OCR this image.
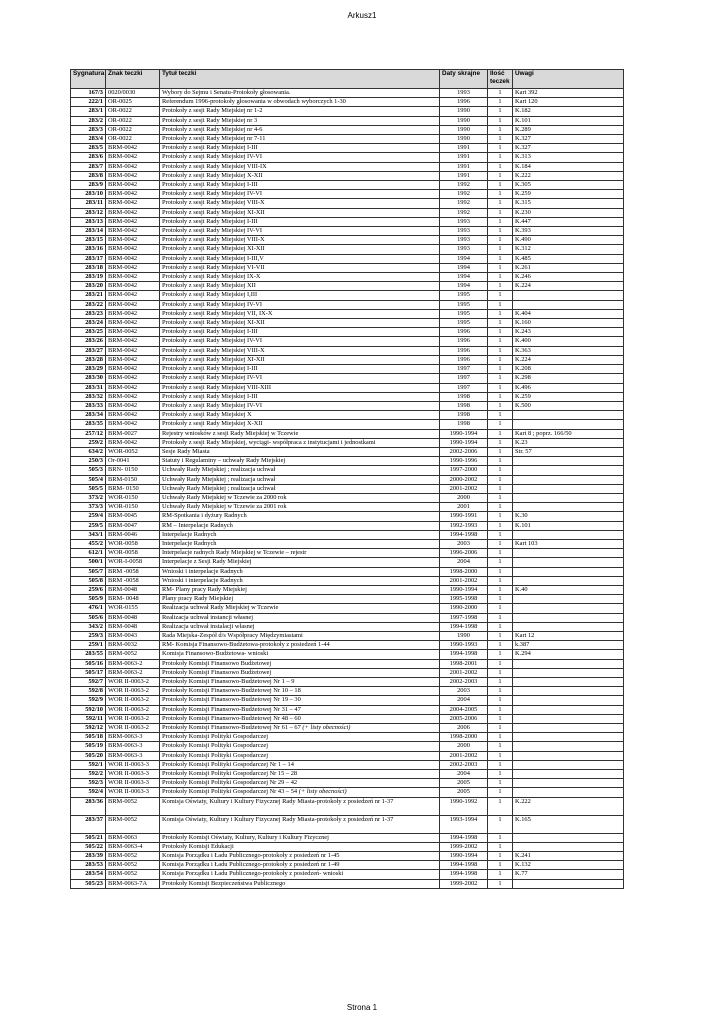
Arkusz1
Sygnatura	Znak teczki	Tytuł teczki	Daty skrajne	Ilość teczek	Uwagi
167/3	0020/0030	Wybory do Sejmu i Senatu-Protokoły głosowania.	1993	1	Kart 392
222/1	OR-0025	Referendum 1996-protokoły głosowania w obwodach wyborczych 1-30	1996	1	Kart 120
283/1	OR-0022	Protokoły z sesji Rady Miejskiej nr 1-2	1990	1	K.182
283/2	OR-0022	Protokoły z sesji Rady Miejskiej nr 3	1990	1	K.101
283/3	OR-0022	Protokoły z sesji Rady Miejskiej nr 4-6	1990	1	K.289
283/4	OR-0022	Protokoły z sesji Rady Miejskiej nr 7-11	1990	1	K.327
283/5	BRM-0042	Protokoły z sesji Rady Miejskiej I-III	1991	1	K.327
283/6	BRM-0042	Protokoły z sesji Rady Miejskiej IV-VI	1991	1	K.313
283/7	BRM-0042	Protokoły z sesji Rady Miejskiej VIII-IX	1991	1	K.184
283/8	BRM-0042	Protokoły z sesji Rady Miejskiej X-XII	1991	1	K.222
283/9	BRM-0042	Protokoły z sesji Rady Miejskiej I-III	1992	1	K.305
283/10	BRM-0042	Protokoły z sesji Rady Miejskiej IV-VI	1992	1	K.259
283/11	BRM-0042	Protokoły z sesji Rady Miejskiej VIII-X	1992	1	K.315
283/12	BRM-0042	Protokoły z sesji Rady Miejskiej XI-XII	1992	1	K.230
283/13	BRM-0042	Protokoły z sesji Rady Miejskiej I-III	1993	1	K.447
283/14	BRM-0042	Protokoły z sesji Rady Miejskiej IV-VI	1993	1	K.393
283/15	BRM-0042	Protokoły z sesji Rady Miejskiej VIII-X	1993	1	K.490
283/16	BRM-0042	Protokoły z sesji Rady Miejskiej XI-XII	1993	1	K.312
283/17	BRM-0042	Protokoły z sesji Rady Miejskiej I-III,V	1994	1	K.485
283/18	BRM-0042	Protokoły z sesji Rady Miejskiej VI-VII	1994	1	K.261
283/19	BRM-0042	Protokoły z sesji Rady Miejskiej IX-X	1994	1	K.246
283/20	BRM-0042	Protokoły z sesji Rady Miejskiej XII	1994	1	K.224
283/21	BRM-0042	Protokoły z sesji Rady Miejskiej I,III	1995	1	
283/22	BRM-0042	Protokoły z sesji Rady Miejskiej IV-VI	1995	1	
283/23	BRM-0042	Protokoły z sesji Rady Miejskiej VII, IX-X	1995	1	K.404
283/24	BRM-0042	Protokoły z sesji Rady Miejskiej XI-XII	1995	1	K.160
283/25	BRM-0042	Protokoły z sesji Rady Miejskiej I-III	1996	1	K.243
283/26	BRM-0042	Protokoły z sesji Rady Miejskiej IV-VI	1996	1	K.400
283/27	BRM-0042	Protokoły z sesji Rady Miejskiej VIII-X	1996	1	K.363
283/28	BRM-0042	Protokoły z sesji Rady Miejskiej XI-XII	1996	1	K.224
283/29	BRM-0042	Protokoły z sesji Rady Miejskiej I-III	1997	1	K.208
283/30	BRM-0042	Protokoły z sesji Rady Miejskiej IV-VI	1997	1	K.298
283/31	BRM-0042	Protokoły z sesji Rady Miejskiej VIII-XIII	1997	1	K.496
283/32	BRM-0042	Protokoły z sesji Rady Miejskiej I-III	1998	1	K.259
283/33	BRM-0042	Protokoły z sesji Rady Miejskiej IV-VI	1998	1	K.500
283/34	BRM-0042	Protokoły z sesji Rady Miejskiej X	1998	1	
283/35	BRM-0042	Protokoły z sesji Rady Miejskiej X-XII	1998	1	
257/12	BRM-0027	Rejestry wniosków z sesji Rady Miejskiej w Tczewie	1990-1994	1	Kart 8 ; poprz. 166/50
259/2	BRM-0042	Protokoły z sesji Rady Miejskiej, wyciągi- współpraca z instytucjami i jednostkami	1990-1994	1	K.23
634/2	WOR-0052	Sesje Rady Miasta	2002-2006	1	Str. 57
250/3	Or-0041	Statuty i Regulaminy – uchwały Rady Miejskiej	1990-1996	1	
505/3	BRN- 0150	Uchwały Rady Miejskiej ; realizacja uchwał	1997-2000	1	
505/4	BRM-0150	Uchwały Rady Miejskiej ; realizacja uchwał	2000-2002	1	
505/5	BRM- 0150	Uchwały Rady Miejskiej ; realizacja uchwał	2001-2002	1	
373/2	WOR-0150	Uchwały Rady Miejskiej w Tczewie za 2000 rok	2000	1	
373/3	WOR-0150	Uchwały Rady Miejskiej w Tczewie za 2001 rok	2001	1	
259/4	BRM-0045	RM-Spotkania i dyżury Radnych	1990-1991	1	K.30
259/5	BRM-0047	RM – Interpelacje Radnych	1992-1993	1	K.101
343/1	BRM-0046	Interpelacje Radnych	1994-1998	1	
455/2	WOR-0058	Interpelacje Radnych	2003	1	Kart 103
612/1	WOR-0058	Interpelacje radnych Rady Miejskiej w Tczewie – rejestr	1996-2006	1	
500/1	WOR-I-0058	Interpelacje z Sesji Rady Miejskiej	2004	1	
505/7	BRM -0058	Wnioski i interpelacje Radnych	1998-2000	1	
505/8	BRM -0058	Wnioski i interpelacje Radnych	2001-2002	1	
259/6	BRM-0048	RM- Plany pracy Rady Miejskiej	1990-1994	1	K.40
505/9	BRM- 0048	Plany pracy Rady Miejskiej	1995-1998	1	
476/1	WOR-0155	Realizacja uchwał Rady Miejskiej w Tczewie	1990-2000	1	
505/6	BRM-0048	Realizacja uchwał instancji własnej	1997-1998	1	
343/2	BRM-0048	Realizacja uchwał instalacji własnej	1994-1998	1	
259/3	BRM-0043	Rada Miejska-Zespół d/s Współpracy Międzymiastami	1990	1	Kart 12
259/1	BRM-0032	RM- Komisja Finansowo-Budżetowa-protokoły z posiedzeń 1-44	1990-1993	1	k.387
283/55	BRM-0052	Komisja Finansowo-Budżetowa- wnioski	1994-1998	1	K.294
505/16	BRM-0063-2	Protokoły Komisji Finansowo Budżetowej	1998-2001	1	
505/17	BRM-0063-2	Protokoły Komisji Finansowo Budżetowej	2001-2002	1	
592/7	WOR II-0063-2	Protokoły Komisji Finansowo-Budżetowej Nr 1 – 9	2002-2003	1	
592/8	WOR II-0063-2	Protokoły Komisji Finansowo-Budżetowej Nr 10 – 18	2003	1	
592/9	WOR II-0063-2	Protokoły Komisji Finansowo-Budżetowej Nr 19 – 30	2004	1	
592/10	WOR II-0063-2	Protokoły Komisji Finansowo-Budżetowej Nr 31 – 47	2004-2005	1	
592/11	WOR II-0063-2	Protokoły Komisji Finansowo-Budżetowej Nr 48 – 60	2005-2006	1	
592/12	WOR II-0063-2	Protokoły Komisji Finansowo-Budżetowej Nr 61 – 67 (+ listy obecności)	2006	1	
505/18	BRM-0063-3	Protokoły Komisji Polityki Gospodarczej	1998-2000	1	
505/19	BRM-0063-3	Protokoły Komisji Polityki Gospodarczej	2000	1	
505/20	BRM-0063-3	Protokoły Komisji Polityki Gospodarczej	2001-2002	1	
592/1	WOR II-0063-3	Protokoły Komisji Polityki Gospodarczej Nr 1 – 14	2002-2003	1	
592/2	WOR II-0063-3	Protokoły Komisji Polityki Gospodarczej Nr 15 – 28	2004	1	
592/3	WOR II-0063-3	Protokoły Komisji Polityki Gospodarczej Nr 29 – 42	2005	1	
592/4	WOR II-0063-3	Protokoły Komisji Polityki Gospodarczej Nr 43 – 54 (+ listy obecności)	2005	1	
283/36	BRM-0052	Komisja Oświaty, Kultury i Kultury Fizycznej Rady Miasta-protokoły z posiedzeń nr 1-37	1990-1992	1	K.222
283/37	BRM-0052	Komisja Oświaty, Kultury i Kultury Fizycznej Rady Miasta-protokoły z posiedzeń nr 1-37	1993-1994	1	K.165
505/21	BRM-0063	Protokoły Komisji Oświaty, Kultury, Kultury i Kultury Fizycznej	1994-1998	1	
505/22	BRM-0063-4	Protokoły Komisji Edukacji	1999-2002	1	
283/39	BRM-0052	Komisja Porządku i Ładu Publicznego-protokoły z posiedzeń nr 1-45	1990-1994	1	K.241
283/53	BRM-0052	Komisja Porządku i Ładu Publicznego-protokoły z posiedzeń nr 1-49	1994-1998	1	K.132
283/54	BRM-0052	Komisja Porządku i Ładu Publicznego-protokoły z posiedzeń- wnioski	1994-1998	1	K.77
505/23	BRM-0063-7A	Protokoły Komisji Bezpieczeństwa Publicznego	1999-2002	1	
Strona 1
